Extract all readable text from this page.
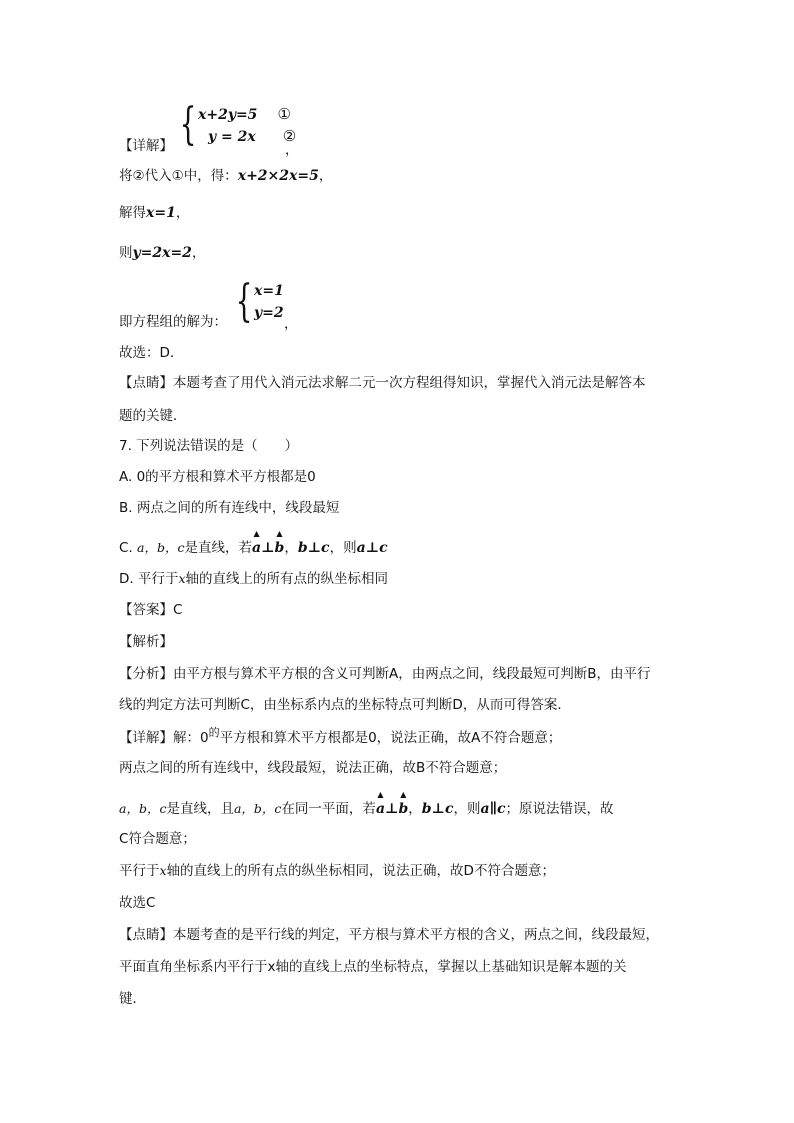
【详解】 { x+2y=5 ①
y = 2x ②
，
将②代入①中，得：x+2×2x=5，
解得x=1，
则y=2x=2，
即方程组的解为： { x=1
y=2
，
故选：D．
【点睛】本题考查了用代入消元法求解二元一次方程组得知识，掌握代入消元法是解答本
题的关键．
7. 下列说法错误的是（　　）
A. 0的平方根和算术平方根都是0
B. 两点之间的所有连线中，线段最短
C. a，b，c是直线，若
▲
a⊥
▲
b，b⊥c，则a⊥c
D. 平行于x轴的直线上的所有点的纵坐标相同
【答案】C
【解析】
【分析】由平方根与算术平方根的含义可判断A，由两点之间，线段最短可判断B，由平行
线的判定方法可判断C，由坐标系内点的坐标特点可判断D，从而可得答案．
【详解】解：$0^的$平方根和算术平方根都是0，说法正确，故A不符合题意；
两点之间的所有连线中，线段最短，说法正确，故B不符合题意；
a，b，c是直线，且a，b，c在同一平面，若
▲
a⊥
▲
b，b⊥c，则a∥c；原说法错误，故
C符合题意；
平行于x轴的直线上的所有点的纵坐标相同，说法正确，故D不符合题意；
故选C
【点睛】本题考查的是平行线的判定，平方根与算术平方根的含义，两点之间，线段最短，
平面直角坐标系内平行于x轴的直线上点的坐标特点，掌握以上基础知识是解本题的关
键．
